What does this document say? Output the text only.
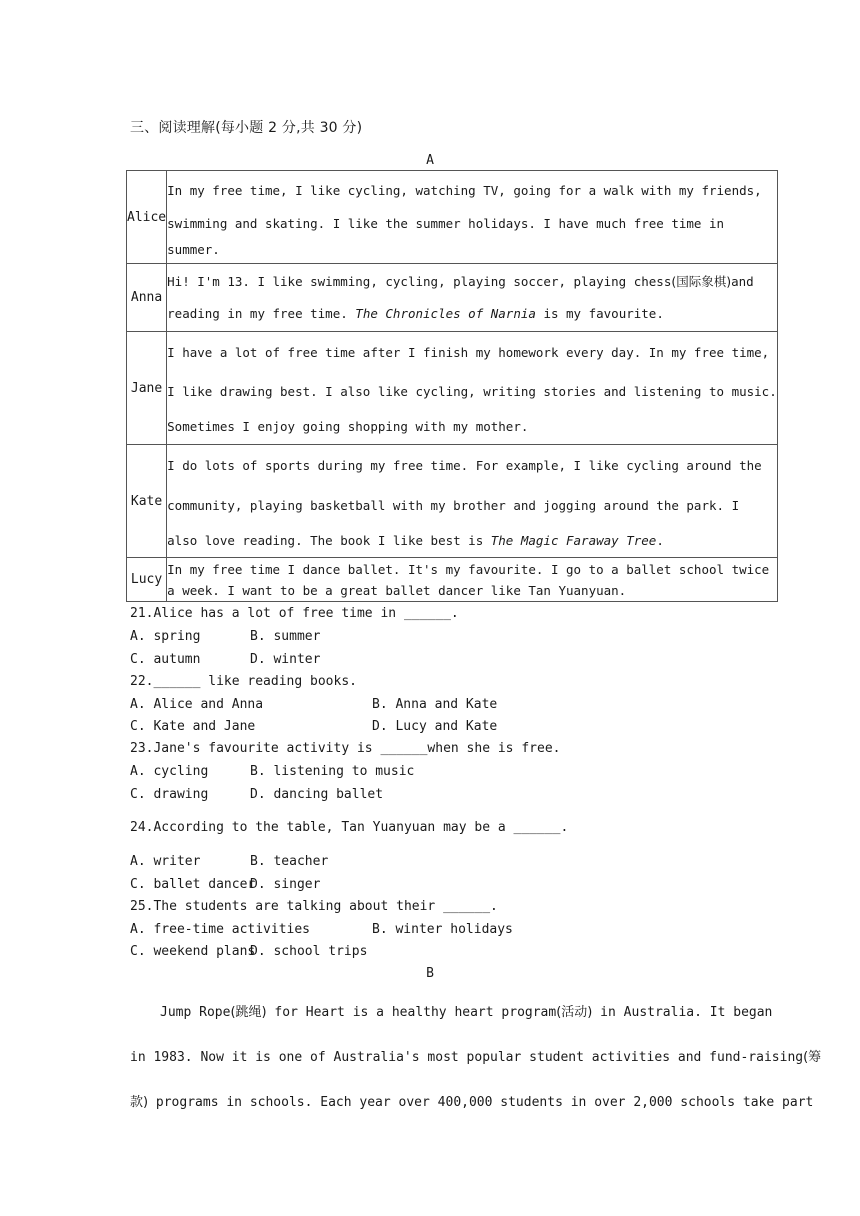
三、阅读理解(每小题 2 分,共 30 分)
A
Alice	In my free time, I like cycling, watching TV, going for a walk with my friends,
swimming and skating. I like the summer holidays. I have much free time in
summer.

Anna	Hi! I'm 13. I like swimming, cycling, playing soccer, playing chess(国际象棋)and
reading in my free time. The Chronicles of Narnia is my favourite.

Jane	I have a lot of free time after I finish my homework every day. In my free time,
I like drawing best. I also like cycling, writing stories and listening to music.
Sometimes I enjoy going shopping with my mother.

Kate	I do lots of sports during my free time. For example, I like cycling around the
community, playing basketball with my brother and jogging around the park. I
also love reading. The book I like best is The Magic Faraway Tree.

Lucy	In my free time I dance ballet. It's my favourite. I go to a ballet school twice
a week. I want to be a great ballet dancer like Tan Yuanyuan.
21.Alice has a lot of free time in ______.
A. spring	B. summer
C. autumn	D. winter
22.______ like reading books.
A. Alice and Anna	B. Anna and Kate
C. Kate and Jane	D. Lucy and Kate
23.Jane's favourite activity is ______when she is free.
A. cycling	B. listening to music
C. drawing	D. dancing ballet
24.According to the table, Tan Yuanyuan may be a ______.
A. writer	B. teacher
C. ballet dancer
D. singer
25.The students are talking about their ______.
A. free-time activities	B. winter holidays
C. weekend plans
D. school trips
B
Jump Rope(跳绳) for Heart is a healthy heart program(活动) in Australia. It began
in 1983. Now it is one of Australia's most popular student activities and fund-raising(筹
款) programs in schools. Each year over 400,000 students in over 2,000 schools take part
